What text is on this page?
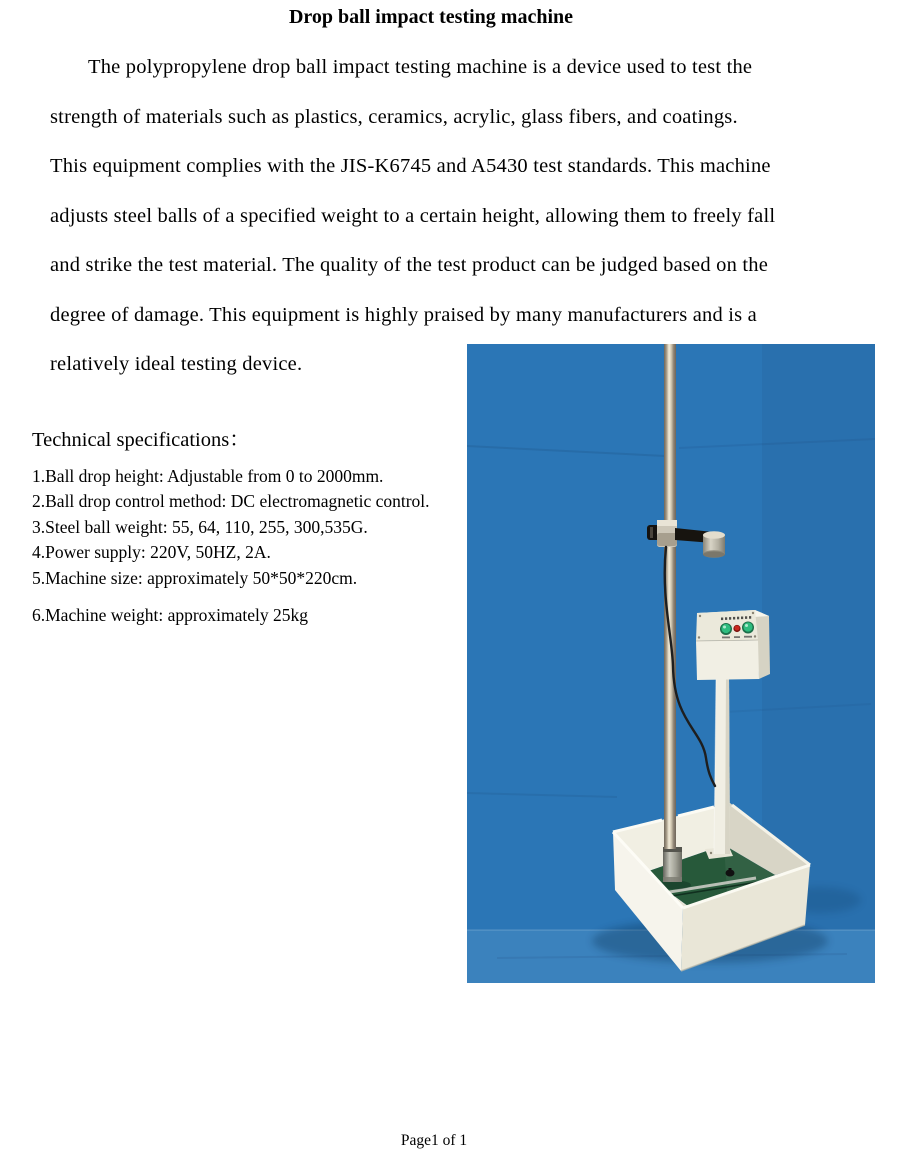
Drop ball impact testing machine
The polypropylene drop ball impact testing machine is a device used to test the
strength of materials such as plastics, ceramics, acrylic, glass fibers, and coatings.
This equipment complies with the JIS-K6745 and A5430 test standards. This machine
adjusts steel balls of a specified weight to a certain height, allowing them to freely fall
and strike the test material. The quality of the test product can be judged based on the
degree of damage. This equipment is highly praised by many manufacturers and is a
relatively ideal testing device.
Technical specifications：
1.Ball drop height: Adjustable from 0 to 2000mm.
2.Ball drop control method: DC electromagnetic control.
3.Steel ball weight: 55, 64, 110, 255, 300,535G.
4.Power supply: 220V, 50HZ, 2A.
5.Machine size: approximately 50*50*220cm.
6.Machine weight: approximately 25kg
Page1 of 1
